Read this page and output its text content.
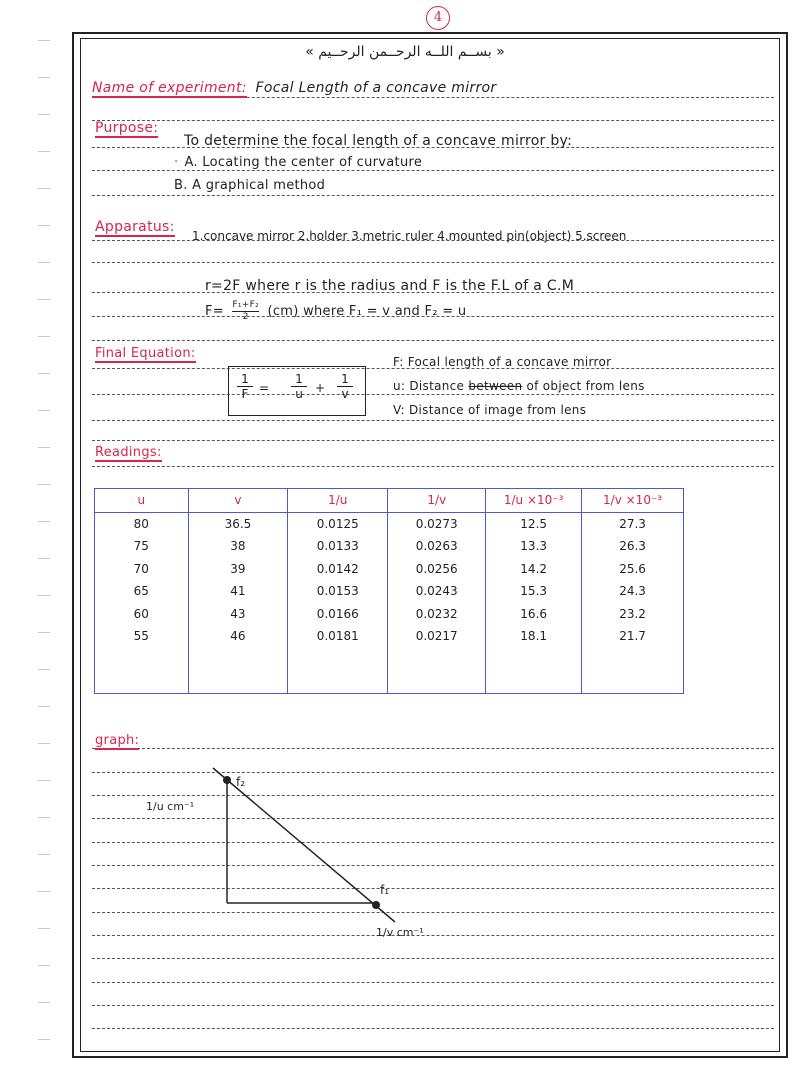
4
« بســم اللــه الرحــمن الرحــيم »
Name of experiment: Focal Length of a concave mirror
Purpose:
To determine the focal length of a concave mirror by:
· A. Locating the center of curvature
B. A graphical method
Apparatus:
1.concave mirror 2.holder 3.metric ruler 4.mounted pin(object) 5.screen
r=2F where r is the radius and F is the F.L of a C.M
$F= \frac{\text{F₁+F₂}}{2} (cm)$ where F₁ = v and F₂ = u
Final Equation:
$\frac{1}{F} = \frac{1}{u} + \frac{1}{v}$
F: Focal length of a concave mirror
u: Distance between of object from lens
V: Distance of image from lens
Readings:
u	v	1/u	1/v	1/u ×10⁻³	1/v ×10⁻³
80	36.5	0.0125	0.0273	12.5	27.3
75	38	0.0133	0.0263	13.3	26.3
70	39	0.0142	0.0256	14.2	25.6
65	41	0.0153	0.0243	15.3	24.3
60	43	0.0166	0.0232	16.6	23.2
55	46	0.0181	0.0217	18.1	21.7

graph:
f₂
f₁
1/u cm⁻¹
1/v cm⁻¹
